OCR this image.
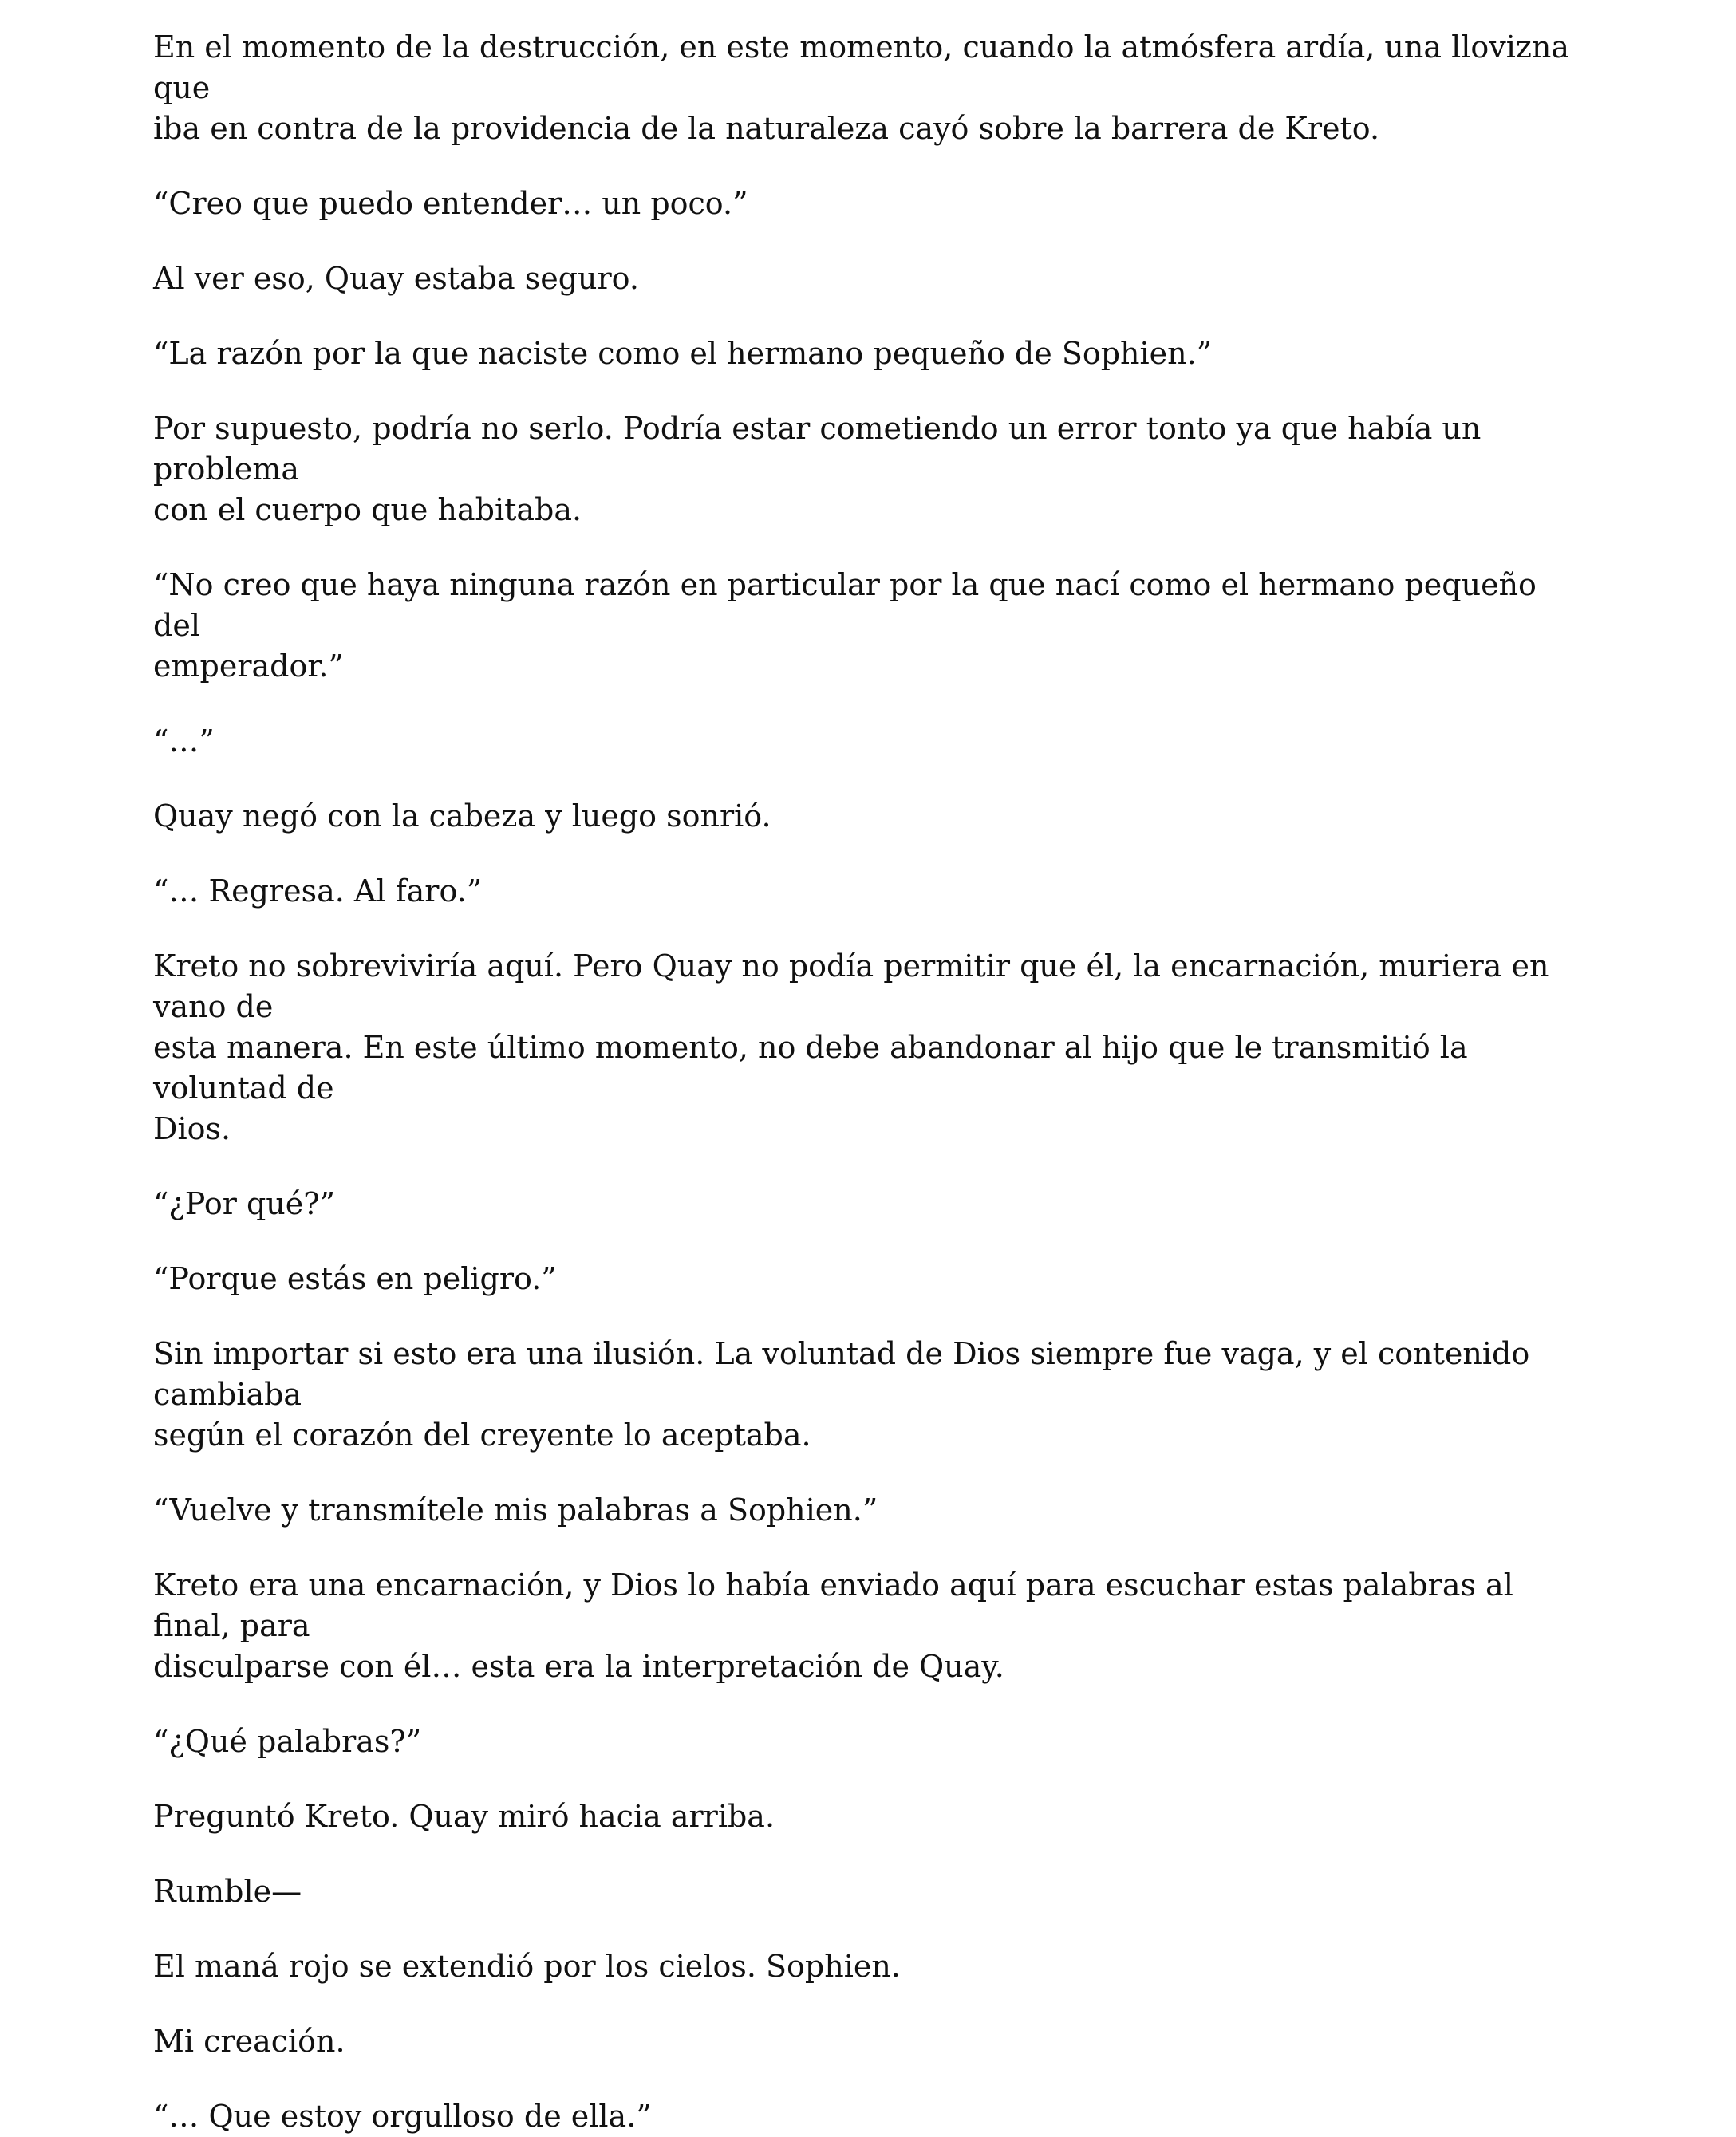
En el momento de la destrucción, en este momento, cuando la atmósfera ardía, una llovizna que
iba en contra de la providencia de la naturaleza cayó sobre la barrera de Kreto.

“Creo que puedo entender… un poco.”

Al ver eso, Quay estaba seguro.

“La razón por la que naciste como el hermano pequeño de Sophien.”

Por supuesto, podría no serlo. Podría estar cometiendo un error tonto ya que había un problema
con el cuerpo que habitaba.

“No creo que haya ninguna razón en particular por la que nací como el hermano pequeño del
emperador.”

“…”

Quay negó con la cabeza y luego sonrió.

“… Regresa. Al faro.”

Kreto no sobreviviría aquí. Pero Quay no podía permitir que él, la encarnación, muriera en vano de
esta manera. En este último momento, no debe abandonar al hijo que le transmitió la voluntad de
Dios.

“¿Por qué?”

“Porque estás en peligro.”

Sin importar si esto era una ilusión. La voluntad de Dios siempre fue vaga, y el contenido cambiaba
según el corazón del creyente lo aceptaba.

“Vuelve y transmítele mis palabras a Sophien.”

Kreto era una encarnación, y Dios lo había enviado aquí para escuchar estas palabras al final, para
disculparse con él… esta era la interpretación de Quay.

“¿Qué palabras?”

Preguntó Kreto. Quay miró hacia arriba.

Rumble—

El maná rojo se extendió por los cielos. Sophien.

Mi creación.

“… Que estoy orgulloso de ella.”
